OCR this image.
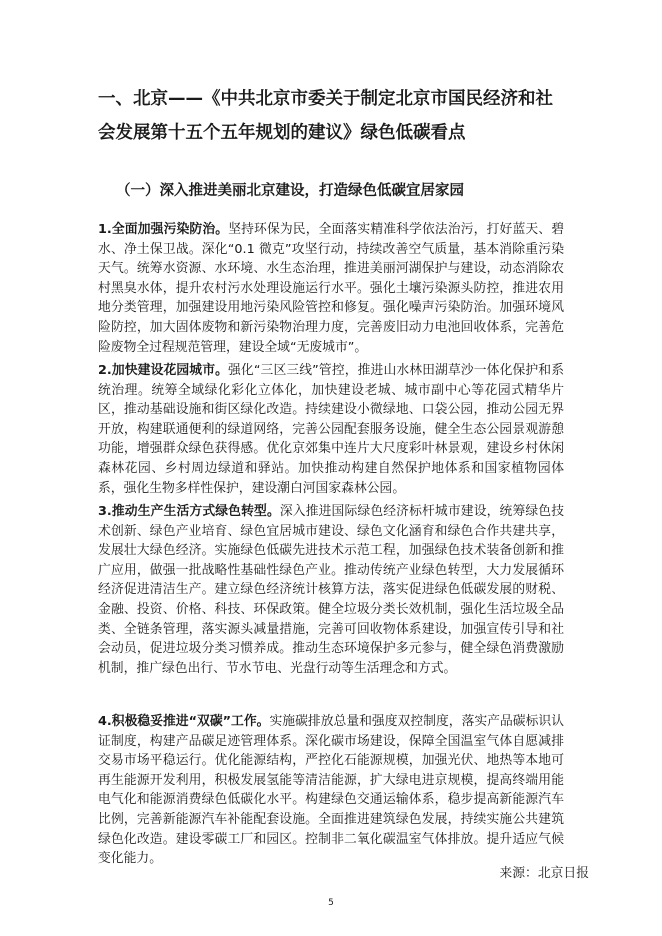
一、北京——《中共北京市委关于制定北京市国民经济和社会发展第十五个五年规划的建议》绿色低碳看点
（一）深入推进美丽北京建设，打造绿色低碳宜居家园

1.全面加强污染防治。坚持环保为民，全面落实精准科学依法治污，打好蓝天、碧水、净土保卫战。深化“0.1 微克”攻坚行动，持续改善空气质量，基本消除重污染天气。统筹水资源、水环境、水生态治理，推进美丽河湖保护与建设，动态消除农村黑臭水体，提升农村污水处理设施运行水平。强化土壤污染源头防控，推进农用地分类管理，加强建设用地污染风险管控和修复。强化噪声污染防治。加强环境风险防控，加大固体废物和新污染物治理力度，完善废旧动力电池回收体系，完善危险废物全过程规范管理，建设全域“无废城市”。

2.加快建设花园城市。强化“三区三线”管控，推进山水林田湖草沙一体化保护和系统治理。统筹全域绿化彩化立体化，加快建设老城、城市副中心等花园式精华片区，推动基础设施和街区绿化改造。持续建设小微绿地、口袋公园，推动公园无界开放，构建联通便利的绿道网络，完善公园配套服务设施，健全生态公园景观游憩功能，增强群众绿色获得感。优化京郊集中连片大尺度彩叶林景观，建设乡村休闲森林花园、乡村周边绿道和驿站。加快推动构建自然保护地体系和国家植物园体系，强化生物多样性保护，建设潮白河国家森林公园。

3.推动生产生活方式绿色转型。深入推进国际绿色经济标杆城市建设，统筹绿色技术创新、绿色产业培育、绿色宜居城市建设、绿色文化涵育和绿色合作共建共享，发展壮大绿色经济。实施绿色低碳先进技术示范工程，加强绿色技术装备创新和推广应用，做强一批战略性基础性绿色产业。推动传统产业绿色转型，大力发展循环经济促进清洁生产。建立绿色经济统计核算方法，落实促进绿色低碳发展的财税、金融、投资、价格、科技、环保政策。健全垃圾分类长效机制，强化生活垃圾全品类、全链条管理，落实源头减量措施，完善可回收物体系建设，加强宣传引导和社会动员，促进垃圾分类习惯养成。推动生态环境保护多元参与，健全绿色消费激励机制，推广绿色出行、节水节电、光盘行动等生活理念和方式。

4.积极稳妥推进“双碳”工作。实施碳排放总量和强度双控制度，落实产品碳标识认证制度，构建产品碳足迹管理体系。深化碳市场建设，保障全国温室气体自愿减排交易市场平稳运行。优化能源结构，严控化石能源规模，加强光伏、地热等本地可再生能源开发利用，积极发展氢能等清洁能源，扩大绿电进京规模，提高终端用能电气化和能源消费绿色低碳化水平。构建绿色交通运输体系，稳步提高新能源汽车比例，完善新能源汽车补能配套设施。全面推进建筑绿色发展，持续实施公共建筑绿色化改造。建设零碳工厂和园区。控制非二氧化碳温室气体排放。提升适应气候变化能力。

来源：北京日报

5
